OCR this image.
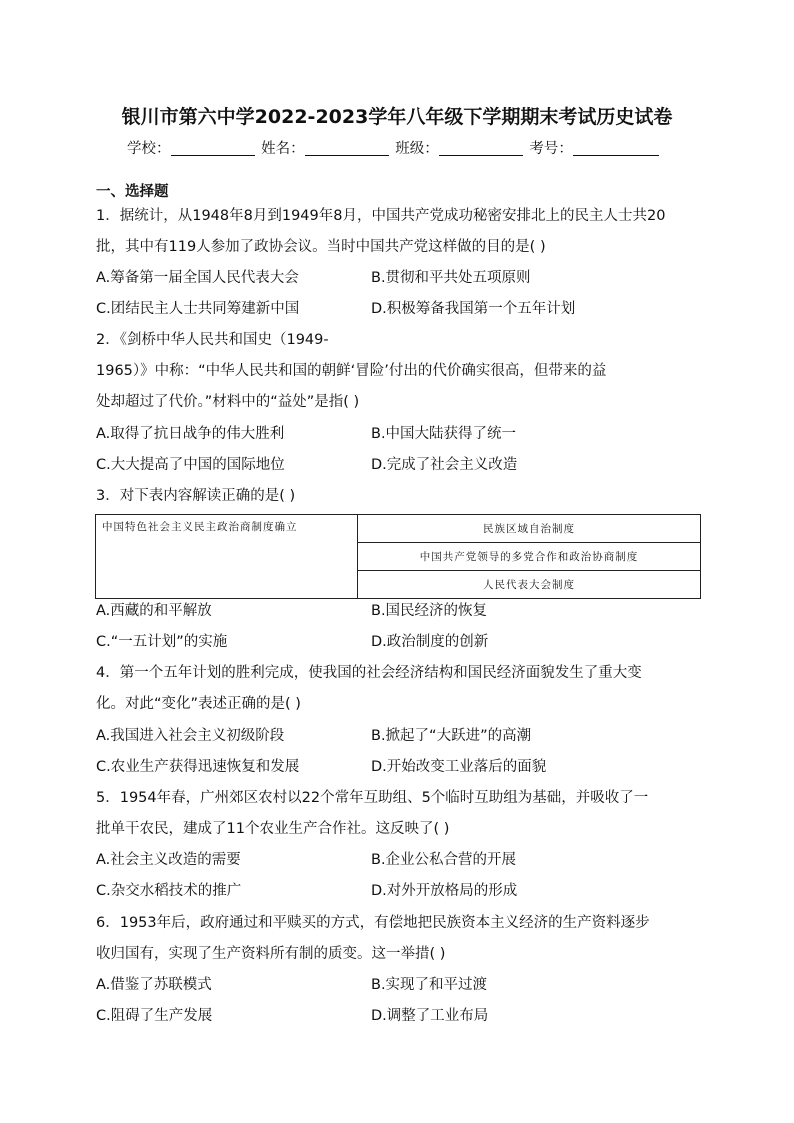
银川市第六中学2022-2023学年八年级下学期期末考试历史试卷
学校：	姓名：	班级：	考号：
一、选择题
1．据统计，从1948年8月到1949年8月，中国共产党成功秘密安排北上的民主人士共20
批，其中有119人参加了政协会议。当时中国共产党这样做的目的是( )
A.筹备第一届全国人民代表大会	B.贯彻和平共处五项原则
C.团结民主人士共同筹建新中国	D.积极筹备我国第一个五年计划
2．《剑桥中华人民共和国史（1949-
1965）》中称：“中华人民共和国的朝鲜‘冒险’付出的代价确实很高，但带来的益
处却超过了代价。”材料中的“益处”是指( )
A.取得了抗日战争的伟大胜利	B.中国大陆获得了统一
C.大大提高了中国的国际地位	D.完成了社会主义改造
3．对下表内容解读正确的是( )
中国特色社会主义民主政治商制度确立	民族区域自治制度
中国共产党领导的多党合作和政治协商制度
人民代表大会制度
A.西藏的和平解放	B.国民经济的恢复
C.“一五计划”的实施	D.政治制度的创新
4．第一个五年计划的胜利完成，使我国的社会经济结构和国民经济面貌发生了重大变
化。对此“变化”表述正确的是( )
A.我国进入社会主义初级阶段	B.掀起了“大跃进”的高潮
C.农业生产获得迅速恢复和发展	D.开始改变工业落后的面貌
5．1954年春，广州郊区农村以22个常年互助组、5个临时互助组为基础，并吸收了一
批单干农民，建成了11个农业生产合作社。这反映了( )
A.社会主义改造的需要	B.企业公私合营的开展
C.杂交水稻技术的推广	D.对外开放格局的形成
6．1953年后，政府通过和平赎买的方式，有偿地把民族资本主义经济的生产资料逐步
收归国有，实现了生产资料所有制的质变。这一举措( )
A.借鉴了苏联模式	B.实现了和平过渡
C.阻碍了生产发展	D.调整了工业布局
